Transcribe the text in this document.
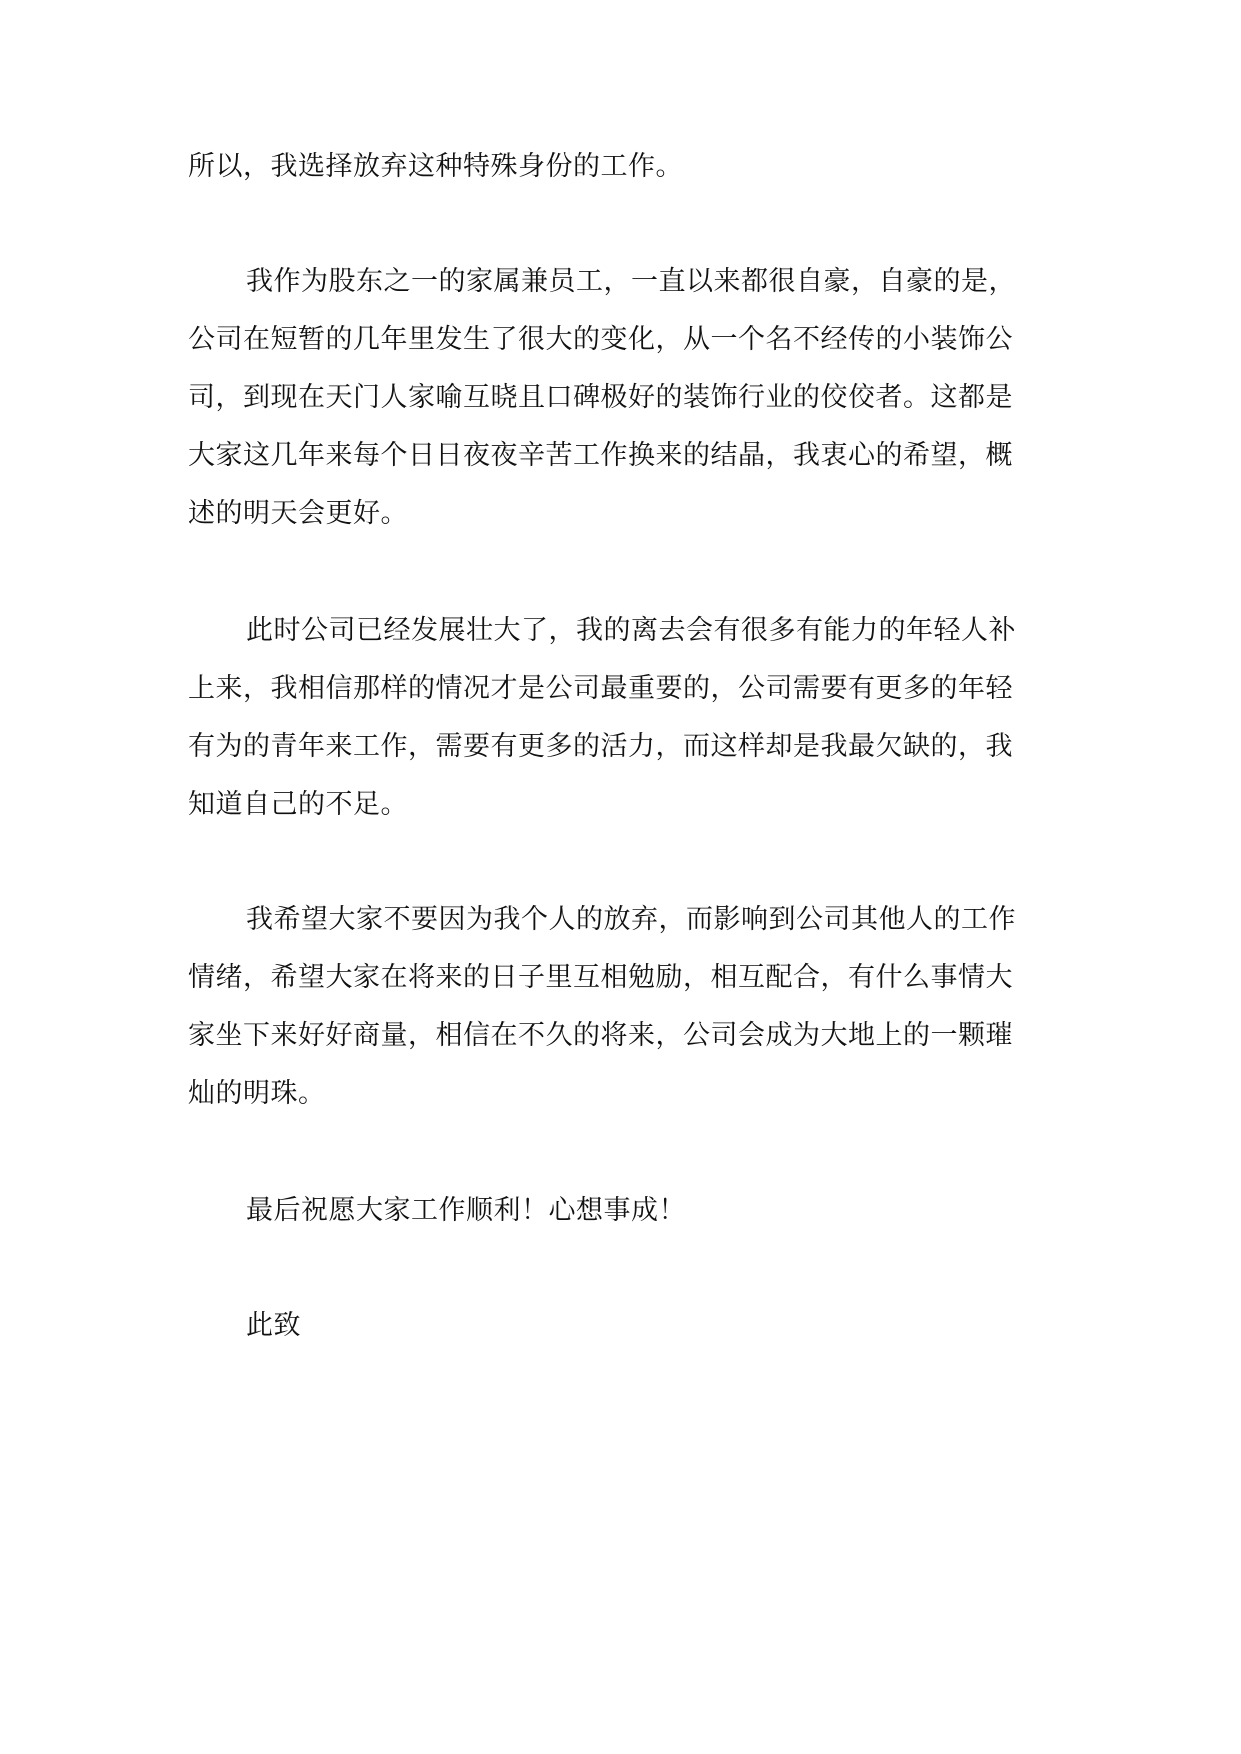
所以，我选择放弃这种特殊身份的工作。
我作为股东之一的家属兼员工，一直以来都很自豪，自豪的是，
公司在短暂的几年里发生了很大的变化，从一个名不经传的小装饰公
司，到现在天门人家喻互晓且口碑极好的装饰行业的佼佼者。这都是
大家这几年来每个日日夜夜辛苦工作换来的结晶，我衷心的希望，概
述的明天会更好。
此时公司已经发展壮大了，我的离去会有很多有能力的年轻人补
上来，我相信那样的情况才是公司最重要的，公司需要有更多的年轻
有为的青年来工作，需要有更多的活力，而这样却是我最欠缺的，我
知道自己的不足。
我希望大家不要因为我个人的放弃，而影响到公司其他人的工作
情绪，希望大家在将来的日子里互相勉励，相互配合，有什么事情大
家坐下来好好商量，相信在不久的将来，公司会成为大地上的一颗璀
灿的明珠。
最后祝愿大家工作顺利！心想事成！
此致
